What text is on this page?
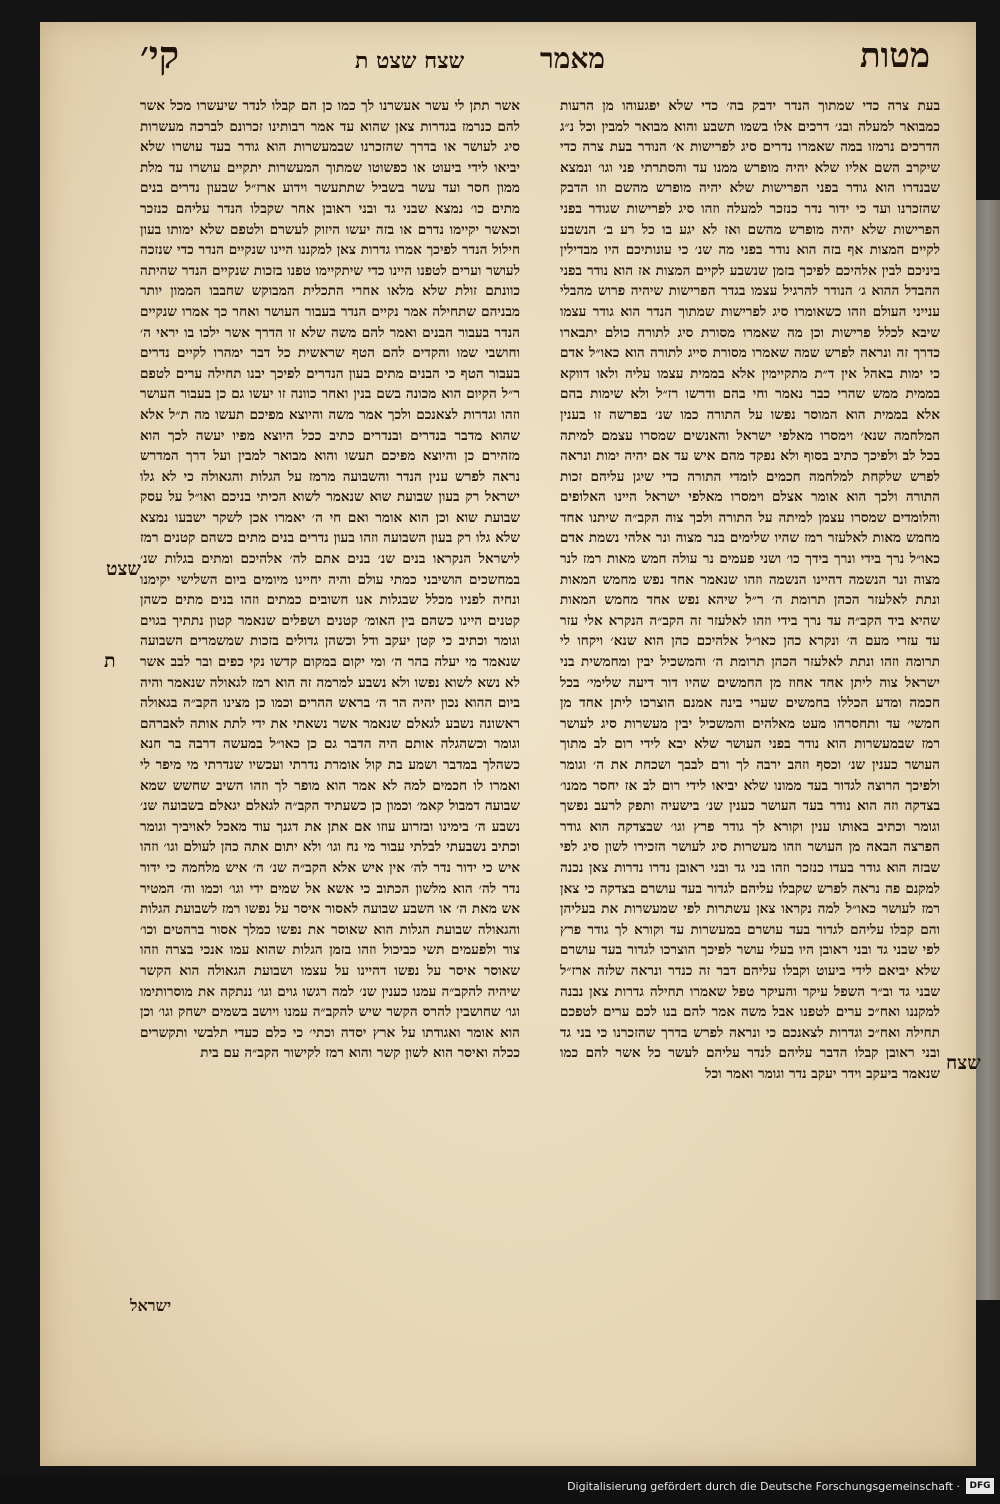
מטות
מאמר
שצח שצט ת
קי׳

בעת צרה כדי שמתוך הנדר ידבק בה׳ כדי שלא יפגעוהו מן הרעות כמבואר למעלה ובג׳ דרכים אלו בשמו תשבע והוא מבואר למבין וכל נ״ג הדרכים נרמזו במה שאמרו נדרים סיג לפרישות א׳ הנודר בעת צרה כדי שיקרב השם אליו שלא יהיה מופרש ממנו עד והסתרתי פני וגו׳ ונמצא שבנדרו הוא גודר בפני הפרישות שלא יהיה מופרש מהשם וזו הדבק שהזכרנו ועד כי ידור נדר כנזכר למעלה וזהו סיג לפרישות שגודר בפני הפרישות שלא יהיה מופרש מהשם ואז לא יגע בו כל רע ב׳ הנשבע לקיים המצות אף בזה הוא נודר בפני מה שנ׳ כי עונותיכם היו מבדילין ביניכם לבין אלהיכם לפיכך בזמן שנשבע לקיים המצות אז הוא נודר בפני ההבדל ההוא ג׳ הנודר להרגיל עצמו בגדר הפרישות שיהיה פרוש מהבלי ענייני העולם וזהו כשאומרו סיג לפרישות שמתוך הנדר הוא גודר עצמו שיבא לכלל פרישות וכן מה שאמרו מסורת סיג לתורה כולם יתבארו כדרך זה ונראה לפרש שמה שאמרו מסורת סייג לתורה הוא כאו״ל אדם כי ימות באהל אין ד״ת מתקיימין אלא בממית עצמו עליה ולאו דווקא בממית ממש שהרי כבר נאמר וחי בהם ודרשו רז״ל ולא שימות בהם אלא בממית הוא המוסר נפשו על התורה כמו שנ׳ בפרשה זו בענין המלחמה שנא׳ וימסרו מאלפי ישראל והאנשים שמסרו עצמם למיתה בכל לב ולפיכך כתיב בסוף ולא נפקד מהם איש עד אם יהיה ימות ונראה לפרש שלקחת למלחמה חכמים לומדי התורה כדי שיגן עליהם זכות התורה ולכך הוא אומר אצלם וימסרו מאלפי ישראל היינו האלופים והלומדים שמסרו עצמן למיתה על התורה ולכך צוה הקב״ה שיתנו אחד מחמש מאות לאלעזר רמז שהיו שלימים בנר מצוה ונר אלהי נשמת אדם כאו״ל נרך בידי ונרך בידך כו׳ ושני פעמים נר עולה חמש מאות רמז לנר מצוה ונר הנשמה דהיינו הנשמה וזהו שנאמר אחד נפש מחמש המאות ונתת לאלעזר הכהן תרומת ה׳ ר״ל שיהא נפש אחד מחמש המאות שהיא ביד הקב״ה עד נרך בידי וזהו לאלעזר זה הקב״ה הנקרא אלי עזר עד עזרי מעם ה׳ ונקרא כהן כאו״ל אלהיכם כהן הוא שנא׳ ויקחו לי תרומה וזהו ונתת לאלעזר הכהן תרומת ה׳ והמשכיל יבין ומחמשית בני ישראל צוה ליתן אחד אחוז מן החמשים שהיו דור דיעה שלימי׳ בכל חכמה ומדע הכללו בחמשים שערי בינה אמנם הוצרכו ליתן אחד מן חמשי׳ עד ותחסרהו מעט מאלהים והמשכיל יבין מעשרות סיג לעושר רמז שבמעשרות הוא נודר בפני העושר שלא יבא לידי רום לב מתוך העושר כענין שנ׳ וכסף וזהב ירבה לך ורם לבבך ושכחת את ה׳ וגומר ולפיכך הרוצה לגדור בעד ממונו שלא יביאו לידי רום לב אז יחסר ממנו׳ בצדקה וזה הוא נודר בעד העושר כענין שנ׳ בישעיה ותפק לרעב נפשך וגומר וכתיב באותו ענין וקורא לך גודר פרץ וגו׳ שבצדקה הוא גודר הפרצה הבאה מן העושר וזהו מעשרות סיג לעושר הזכירו לשון סיג לפי שבזה הוא גודר בעדו כנזכר וזהו בני גד ובני ראובן נדרו נדרות צאן נכנה למקנם פה נראה לפרש שקבלו עליהם לגדור בעד עושרם בצדקה כי צאן רמז לעושר כאו״ל למה נקראו צאן עשתרות לפי שמעשרות את בעליהן והם קבלו עליהם לגדור בעד עושרם במעשרות עד וקורא לך גודר פרץ לפי שבני גד ובני ראובן היו בעלי עושר לפיכך הוצרכו לגדור בעד עושרם שלא יביאם לידי ביעוט וקבלו עליהם דבר זה כנדר ונראה שלזה ארז״ל שבני גד וב״ר השפל עיקר והעיקר טפל שאמרו תחילה גדרות צאן נבנה למקננו ואח״כ ערים לטפנו אבל משה אמר להם בנו לכם ערים לטפכם תחילה ואח״כ וגדרות לצאנכם כי ונראה לפרש בדרך שהזכרנו כי בני גד ובני ראובן קבלו הדבר עליהם לנדר עליהם לעשר כל אשר להם כמו שנאמר ביעקב וידר יעקב נדר וגומר ואמר וכל

אשר תתן לי עשר אעשרנו לך כמו כן הם קבלו לנדר שיעשרו מכל אשר להם כנרמז בגדרות צאן שהוא עד אמר רבותינו זכרונם לברכה מעשרות סיג לעושר או בדרך שהזכרנו שבמעשרות הוא גודר בעד עושרו שלא יביאו לידי ביעוט או כפשוטו שמתוך המעשרות יתקיים עושרו עד מלת ממון חסר ועד עשר בשביל שתתעשר וידוע ארז״ל שבעון נדרים בנים מתים כו׳ נמצא שבני גד ובני ראובן אחר שקבלו הנדר עליהם כנזכר וכאשר יקיימו נדרם או בזה יעשו היזוק לעשרם ולטפם שלא ימותו בעון חילול הנדר לפיכך אמרו גדרות צאן למקננו היינו שנקיים הנדר כדי שנזכה לעושר וערים לטפנו היינו כדי שיתקיימו טפנו בזכות שנקיים הנדר שהיתה כוונתם זולת שלא מלאו אחרי התכלית המבוקש שחבבו הממון יותר מבניהם שתחילה אמר נקיים הנדר בעבור העושר ואחר כך אמרו שנקיים הנדר בעבור הבנים ואמר להם משה שלא זו הדרך אשר ילכו בו יראי ה׳ וחושבי שמו והקדים להם הטף שראשית כל דבר ימהרו לקיים נדרים בעבור הטף כי הבנים מתים בעון הנדרים לפיכך יבנו תחילה ערים לטפם ר״ל הקיום הוא מכונה בשם בנין ואחר כוונה זו יעשו גם כן בעבור העושר וזהו וגדרות לצאנכם ולכך אמר משה והיוצא מפיכם תעשו מה ת״ל אלא שהוא מדבר בנדרים ובנדרים כתיב ככל היוצא מפיו יעשה לכך הוא מזהירם כן והיוצא מפיכם תעשו והוא מבואר למבין ועל דרך המדרש נראה לפרש ענין הנדר והשבועה מרמז על הגלות והגאולה כי לא גלו ישראל רק בעון שבועת שוא שנאמר לשוא הכיתי בניכם ואו״ל על עסק שבועת שוא וכן הוא אומר ואם חי ה׳ יאמרו אכן לשקר ישבעו נמצא שלא גלו רק בעון השבועה וזהו בעון נדרים בנים מתים כשהם קטנים רמז לישראל הנקראו בנים שנ׳ בנים אתם לה׳ אלהיכם ומתים בגלות שנ׳ במחשכים הושיבני כמתי עולם והיה יחיינו מיומים ביום השלישי יקימנו ונחיה לפניו מכלל שבגלות אנו חשובים כמתים וזהו בנים מתים כשהן קטנים היינו כשהם בין האומ׳ קטנים ושפלים שנאמר קטון נתתיך בגוים וגומר וכתיב כי קטן יעקב ודל וכשהן גדולים בזכות שמשמרים השבועה שנאמר מי יעלה בהר ה׳ ומי יקום במקום קדשו נקי כפים ובר לבב אשר לא נשא לשוא נפשו ולא נשבע למרמה זה הוא רמז לגאולה שנאמר והיה ביום ההוא נכון יהיה הר ה׳ בראש ההרים וכמו כן מצינו הקב״ה בגאולה ראשונה נשבע לגאלם שנאמר אשר נשאתי את ידי לתת אותה לאברהם וגומר וכשהגלה אותם היה הדבר גם כן כאו״ל במעשה דרבה בר חנא כשהלך במדבר ושמע בת קול אומרת נדרתי ועכשיו שנדרתי מי מיפר לי ואמרו לו חכמים למה לא אמר הוא מופר לך וזהו השיב שחשש שמא שבועה דמבול קאמ׳ וכמון כן כשעתיד הקב״ה לגאלם יגאלם בשבועה שנ׳ נשבע ה׳ בימינו ובזרוע עוזו אם אתן את דגנך עוד מאכל לאויביך וגומר וכתיב נשבעתי לבלתי עבור מי נח וגו׳ ולא יתום אתה כהן לעולם וגו׳ וזהו איש כי ידור נדר לה׳ אין איש אלא הקב״ה שנ׳ ה׳ איש מלחמה כי ידור נדר לה׳ הוא מלשון הכתוב כי אשא אל שמים ידי וגו׳ וכמו וה׳ המטיר אש מאת ה׳ או השבע שבועה לאסור איסר על נפשו רמז לשבועת הגלות והגאולה שבועת הגלות הוא שאוסר את נפשו כמלך אסור ברהטים וכו׳ צור ולפעמים תשי כביכול וזהו בזמן הגלות שהוא עמו אנכי בצרה וזהו שאוסר איסר על נפשו דהיינו על עצמו ושבועת הגאולה הוא הקשר שיהיה להקב״ה עמנו כענין שנ׳ למה רגשו גוים וגו׳ ננתקה את מוסרותימו וגו׳ שחושבין להרס הקשר שיש להקב״ה עמנו ויושב בשמים ישחק וגו׳ וכן הוא אומר ואגודתו על ארץ יסדה וכתי׳ כי כלם כעדי תלבשי ותקשרים ככלה ואיסר הוא לשון קשר והוא רמז לקישור הקב״ה עם בית

ישראל
שצט
ת
שצח
Digitalisierung gefördert durch die Deutsche Forschungsgemeinschaft ·	DFG
